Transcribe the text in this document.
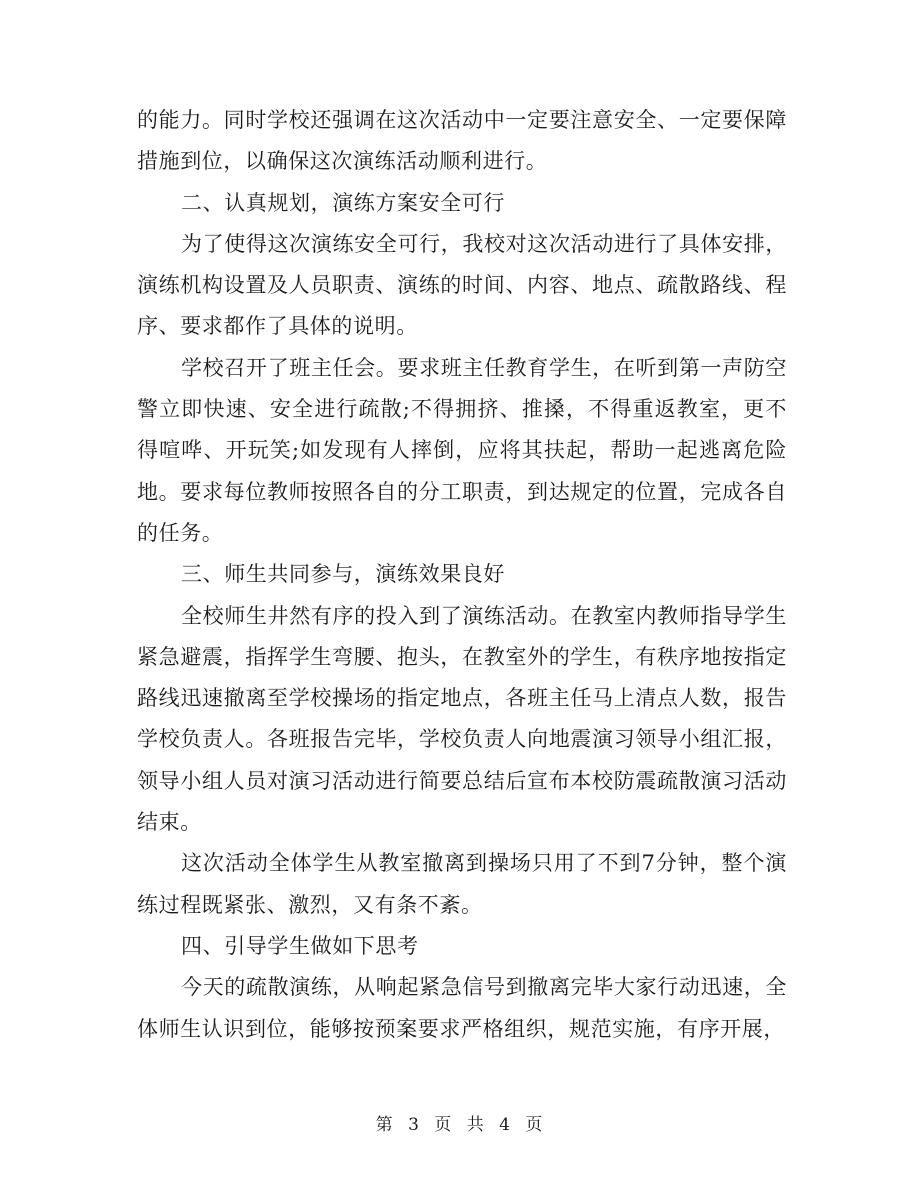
的能力。同时学校还强调在这次活动中一定要注意安全、一定要保障措施到位，以确保这次演练活动顺利进行。

二、认真规划，演练方案安全可行

为了使得这次演练安全可行，我校对这次活动进行了具体安排，演练机构设置及人员职责、演练的时间、内容、地点、疏散路线、程序、要求都作了具体的说明。

学校召开了班主任会。要求班主任教育学生，在听到第一声防空警立即快速、安全进行疏散;不得拥挤、推搡，不得重返教室，更不得喧哗、开玩笑;如发现有人摔倒，应将其扶起，帮助一起逃离危险地。要求每位教师按照各自的分工职责，到达规定的位置，完成各自的任务。

三、师生共同参与，演练效果良好

全校师生井然有序的投入到了演练活动。在教室内教师指导学生紧急避震，指挥学生弯腰、抱头，在教室外的学生，有秩序地按指定路线迅速撤离至学校操场的指定地点，各班主任马上清点人数，报告学校负责人。各班报告完毕，学校负责人向地震演习领导小组汇报，领导小组人员对演习活动进行简要总结后宣布本校防震疏散演习活动结束。

这次活动全体学生从教室撤离到操场只用了不到7分钟，整个演练过程既紧张、激烈，又有条不紊。

四、引导学生做如下思考

今天的疏散演练，从响起紧急信号到撤离完毕大家行动迅速，全体师生认识到位，能够按预案要求严格组织，规范实施，有序开展，

第 3 页 共 4 页
